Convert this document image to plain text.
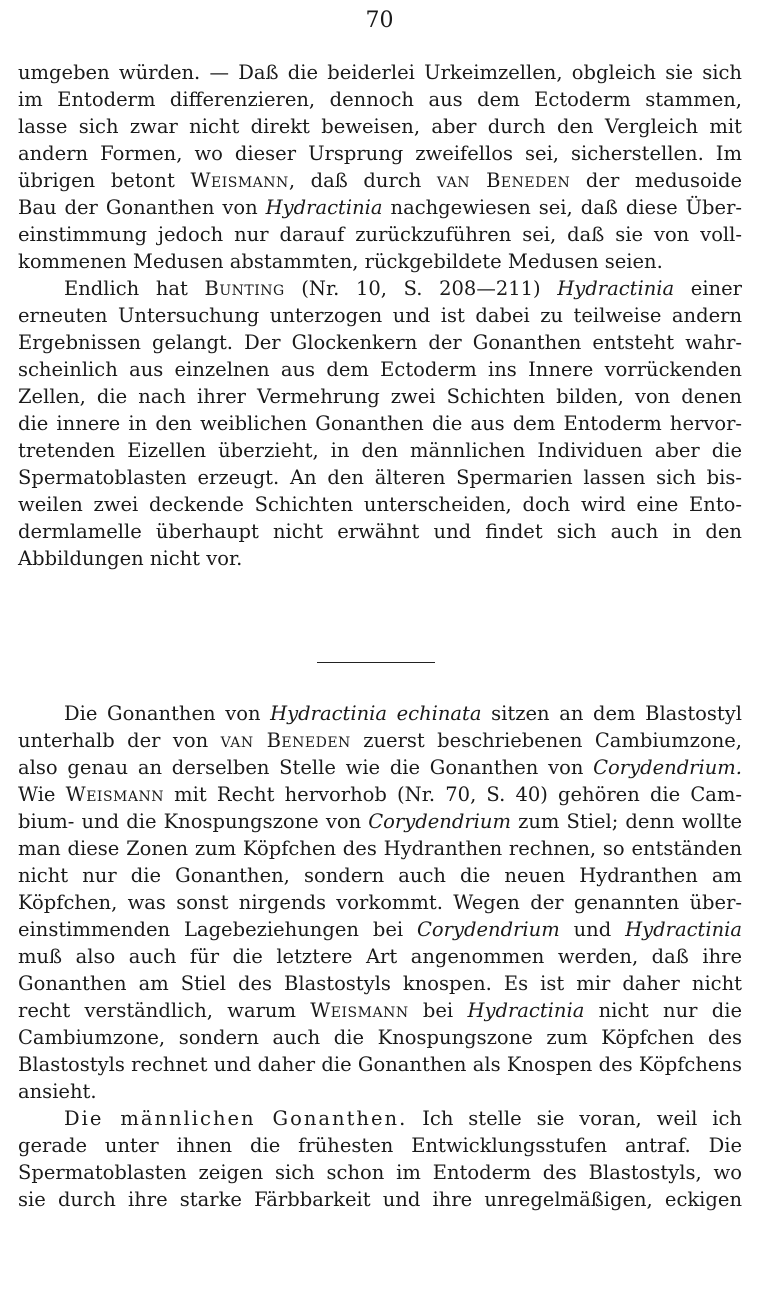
70
umgeben würden. — Daß die beiderlei Urkeimzellen, obgleich sie sich
im Entoderm differenzieren, dennoch aus dem Ectoderm stammen,
lasse sich zwar nicht direkt beweisen, aber durch den Vergleich mit
andern Formen, wo dieser Ursprung zweifellos sei, sicherstellen. Im
übrigen betont Weismann, daß durch van Beneden der medusoide
Bau der Gonanthen von Hydractinia nachgewiesen sei, daß diese Über-
einstimmung jedoch nur darauf zurückzuführen sei, daß sie von voll-
kommenen Medusen abstammten, rückgebildete Medusen seien.
Endlich hat Bunting (Nr. 10, S. 208—211) Hydractinia einer
erneuten Untersuchung unterzogen und ist dabei zu teilweise andern
Ergebnissen gelangt. Der Glockenkern der Gonanthen entsteht wahr-
scheinlich aus einzelnen aus dem Ectoderm ins Innere vorrückenden
Zellen, die nach ihrer Vermehrung zwei Schichten bilden, von denen
die innere in den weiblichen Gonanthen die aus dem Entoderm hervor-
tretenden Eizellen überzieht, in den männlichen Individuen aber die
Spermatoblasten erzeugt. An den älteren Spermarien lassen sich bis-
weilen zwei deckende Schichten unterscheiden, doch wird eine Ento-
dermlamelle überhaupt nicht erwähnt und findet sich auch in den
Abbildungen nicht vor.
Die Gonanthen von Hydractinia echinata sitzen an dem Blastostyl
unterhalb der von van Beneden zuerst beschriebenen Cambiumzone,
also genau an derselben Stelle wie die Gonanthen von Corydendrium.
Wie Weismann mit Recht hervorhob (Nr. 70, S. 40) gehören die Cam-
bium- und die Knospungszone von Corydendrium zum Stiel; denn wollte
man diese Zonen zum Köpfchen des Hydranthen rechnen, so entständen
nicht nur die Gonanthen, sondern auch die neuen Hydranthen am
Köpfchen, was sonst nirgends vorkommt. Wegen der genannten über-
einstimmenden Lagebeziehungen bei Corydendrium und Hydractinia
muß also auch für die letztere Art angenommen werden, daß ihre
Gonanthen am Stiel des Blastostyls knospen. Es ist mir daher nicht
recht verständlich, warum Weismann bei Hydractinia nicht nur die
Cambiumzone, sondern auch die Knospungszone zum Köpfchen des
Blastostyls rechnet und daher die Gonanthen als Knospen des Köpfchens
ansieht.
Die männlichen Gonanthen. Ich stelle sie voran, weil ich
gerade unter ihnen die frühesten Entwicklungsstufen antraf. Die
Spermatoblasten zeigen sich schon im Entoderm des Blastostyls, wo
sie durch ihre starke Färbbarkeit und ihre unregelmäßigen, eckigen
